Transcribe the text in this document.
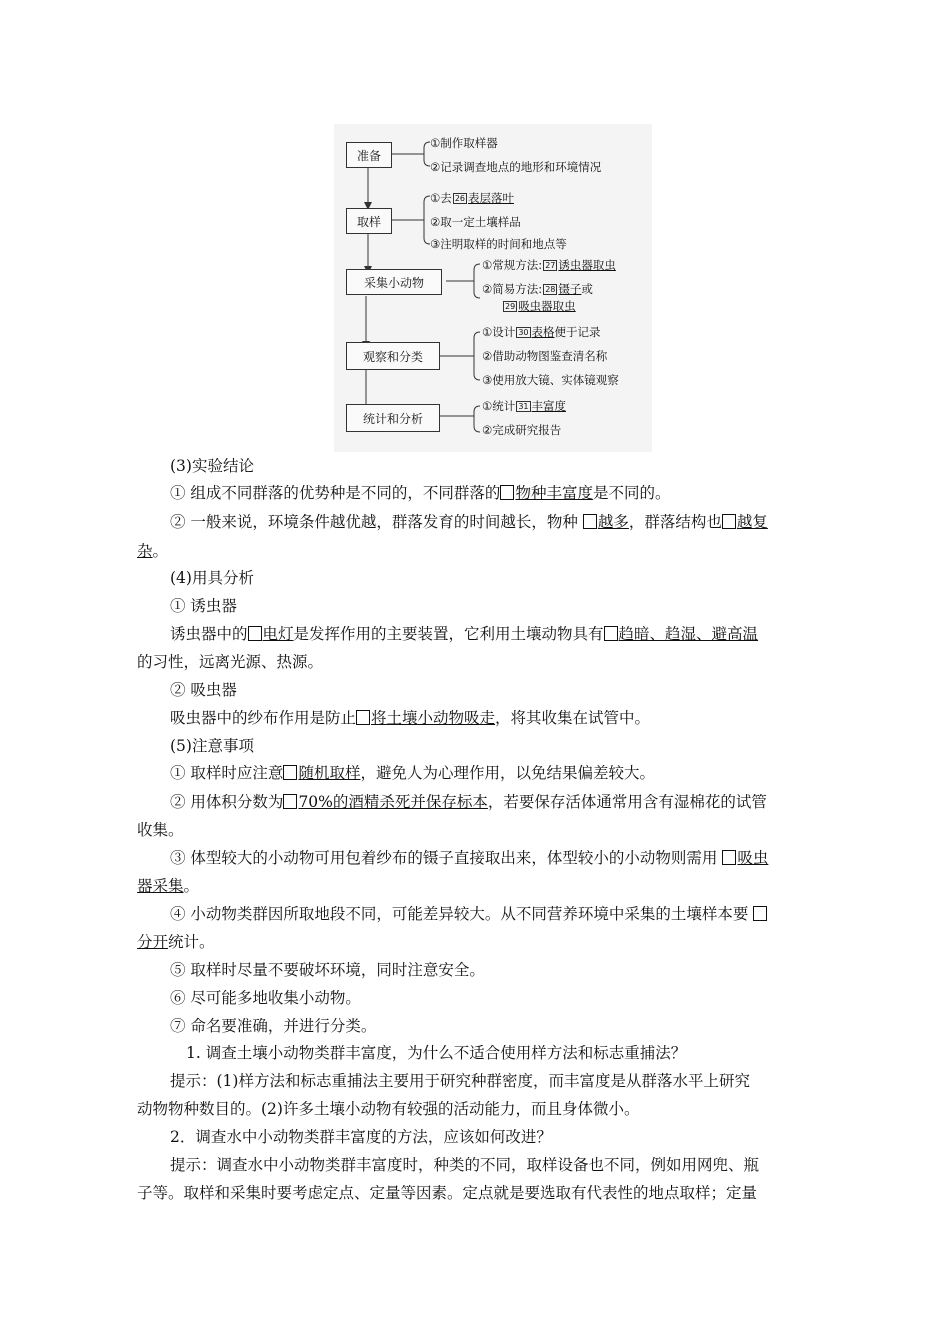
准备
取样
采集小动物
观察和分类
统计和分析
①制作取样器
②记录调查地点的地形和环境情况
①去 26 表层落叶
②取一定土壤样品
③注明取样的时间和地点等
①常规方法: 27 诱虫器取虫
②简易方法: 28 镊子或
29 吸虫器取虫
①设计 30 表格便于记录
②借助动物图鉴查清名称
③使用放大镜、实体镜观察
①统计 31 丰富度
②完成研究报告
(3)实验结论
① 组成不同群落的优势种是不同的，不同群落的 物种丰富度是不同的。
② 一般来说，环境条件越优越，群落发育的时间越长，物种 越多，群落结构也 越复
杂。
(4)用具分析
① 诱虫器
诱虫器中的 电灯是发挥作用的主要装置，它利用土壤动物具有 趋暗、趋湿、避高温
的习性，远离光源、热源。
② 吸虫器
吸虫器中的纱布作用是防止 将土壤小动物吸走，将其收集在试管中。
(5)注意事项
① 取样时应注意 随机取样，避免人为心理作用，以免结果偏差较大。
② 用体积分数为 70%的酒精杀死并保存标本，若要保存活体通常用含有湿棉花的试管
收集。
③ 体型较大的小动物可用包着纱布的镊子直接取出来，体型较小的小动物则需用 吸虫
器采集。
④ 小动物类群因所取地段不同，可能差异较大。从不同营养环境中采集的土壤样本要
分开统计。
⑤ 取样时尽量不要破坏环境，同时注意安全。
⑥ 尽可能多地收集小动物。
⑦ 命名要准确，并进行分类。
1. 调查土壤小动物类群丰富度，为什么不适合使用样方法和标志重捕法？
提示：(1)样方法和标志重捕法主要用于研究种群密度，而丰富度是从群落水平上研究
动物物种数目的。(2)许多土壤小动物有较强的活动能力，而且身体微小。
2．调查水中小动物类群丰富度的方法，应该如何改进？
提示：调查水中小动物类群丰富度时，种类的不同，取样设备也不同，例如用网兜、瓶
子等。取样和采集时要考虑定点、定量等因素。定点就是要选取有代表性的地点取样；定量
